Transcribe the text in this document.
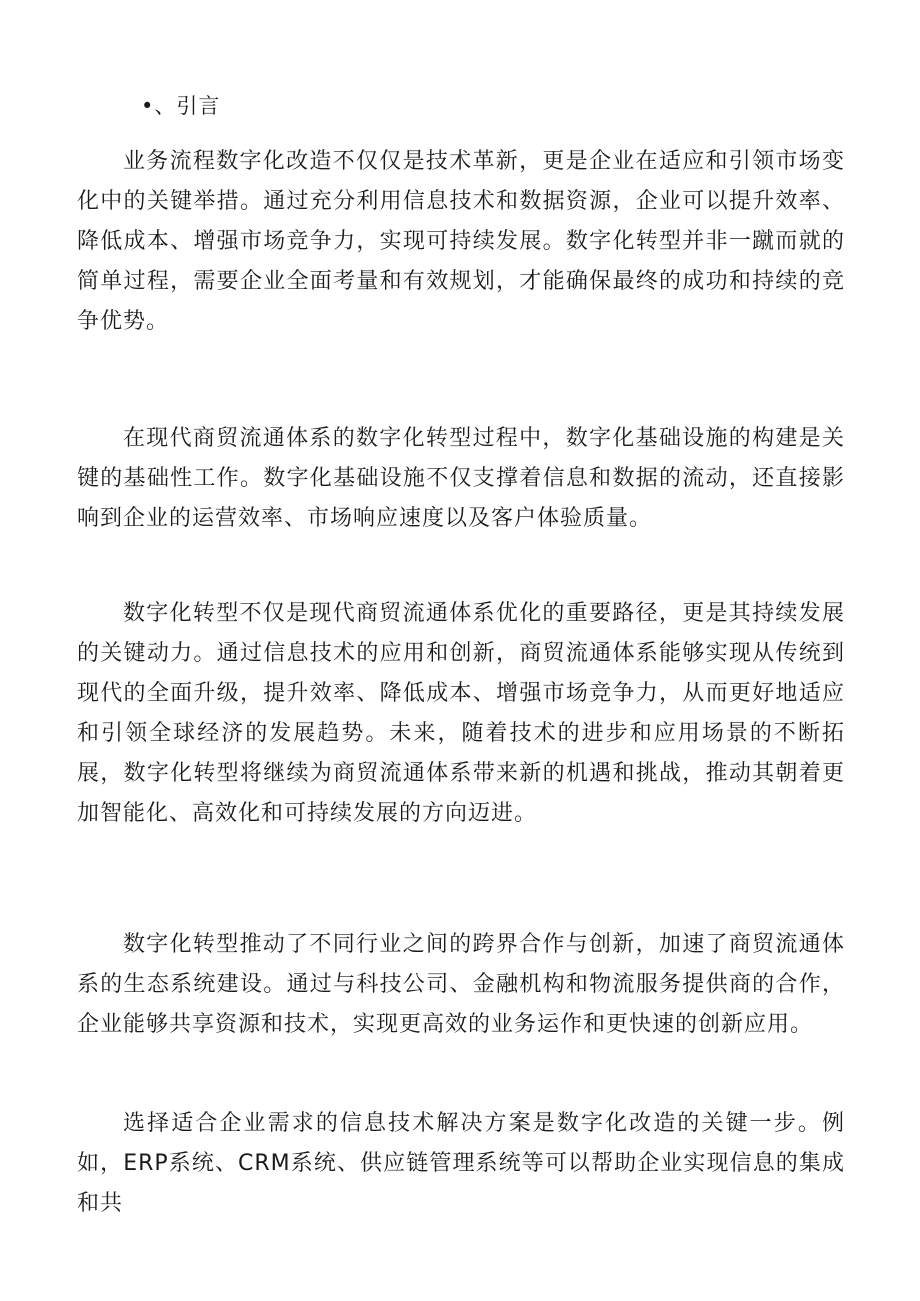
•、引言

业务流程数字化改造不仅仅是技术革新，更是企业在适应和引领市场变化中的关键举措。通过充分利用信息技术和数据资源，企业可以提升效率、降低成本、增强市场竞争力，实现可持续发展。数字化转型并非一蹴而就的简单过程，需要企业全面考量和有效规划，才能确保最终的成功和持续的竞争优势。

在现代商贸流通体系的数字化转型过程中，数字化基础设施的构建是关键的基础性工作。数字化基础设施不仅支撑着信息和数据的流动，还直接影响到企业的运营效率、市场响应速度以及客户体验质量。

数字化转型不仅是现代商贸流通体系优化的重要路径，更是其持续发展的关键动力。通过信息技术的应用和创新，商贸流通体系能够实现从传统到现代的全面升级，提升效率、降低成本、增强市场竞争力，从而更好地适应和引领全球经济的发展趋势。未来，随着技术的进步和应用场景的不断拓展，数字化转型将继续为商贸流通体系带来新的机遇和挑战，推动其朝着更加智能化、高效化和可持续发展的方向迈进。

数字化转型推动了不同行业之间的跨界合作与创新，加速了商贸流通体系的生态系统建设。通过与科技公司、金融机构和物流服务提供商的合作，企业能够共享资源和技术，实现更高效的业务运作和更快速的创新应用。

选择适合企业需求的信息技术解决方案是数字化改造的关键一步。例如，ERP系统、CRM系统、供应链管理系统等可以帮助企业实现信息的集成和共
